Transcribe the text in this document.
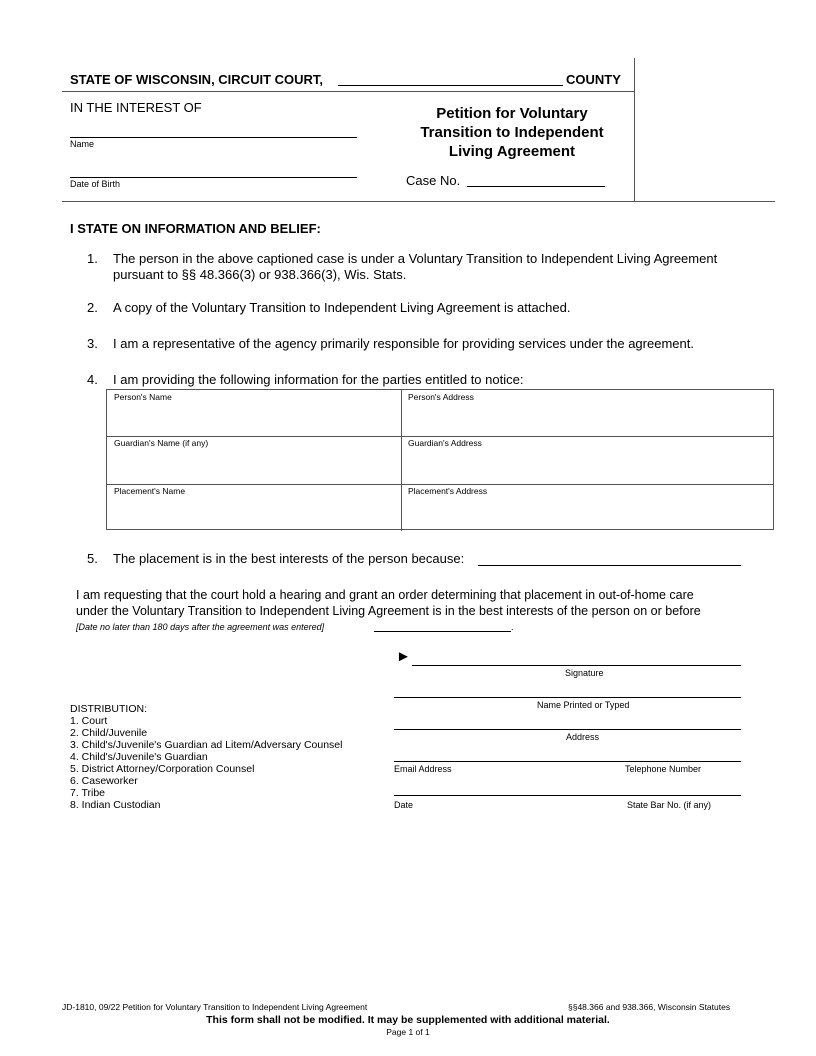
STATE OF WISCONSIN, CIRCUIT COURT,	COUNTY
IN THE INTEREST OF
Name
Date of Birth
Petition for Voluntary
Transition to Independent
Living Agreement
Case No.
I STATE ON INFORMATION AND BELIEF:
1. The person in the above captioned case is under a Voluntary Transition to Independent Living Agreement
pursuant to §§ 48.366(3) or 938.366(3), Wis. Stats.
2. A copy of the Voluntary Transition to Independent Living Agreement is attached.
3. I am a representative of the agency primarily responsible for providing services under the agreement.
4. I am providing the following information for the parties entitled to notice:
Person's Name	Person's Address
Guardian's Name (if any)	Guardian's Address
Placement's Name	Placement's Address
5. The placement is in the best interests of the person because:
I am requesting that the court hold a hearing and grant an order determining that placement in out-of-home care
under the Voluntary Transition to Independent Living Agreement is in the best interests of the person on or before
[Date no later than 180 days after the agreement was entered]	.
►
Signature
Name Printed or Typed
Address
Email Address	Telephone Number
Date	State Bar No. (if any)
DISTRIBUTION:
1. Court
2. Child/Juvenile
3. Child's/Juvenile's Guardian ad Litem/Adversary Counsel
4. Child's/Juvenile's Guardian
5. District Attorney/Corporation Counsel
6. Caseworker
7. Tribe
8. Indian Custodian
JD-1810, 09/22 Petition for Voluntary Transition to Independent Living Agreement	§§48.366 and 938.366, Wisconsin Statutes
This form shall not be modified. It may be supplemented with additional material.
Page 1 of 1
